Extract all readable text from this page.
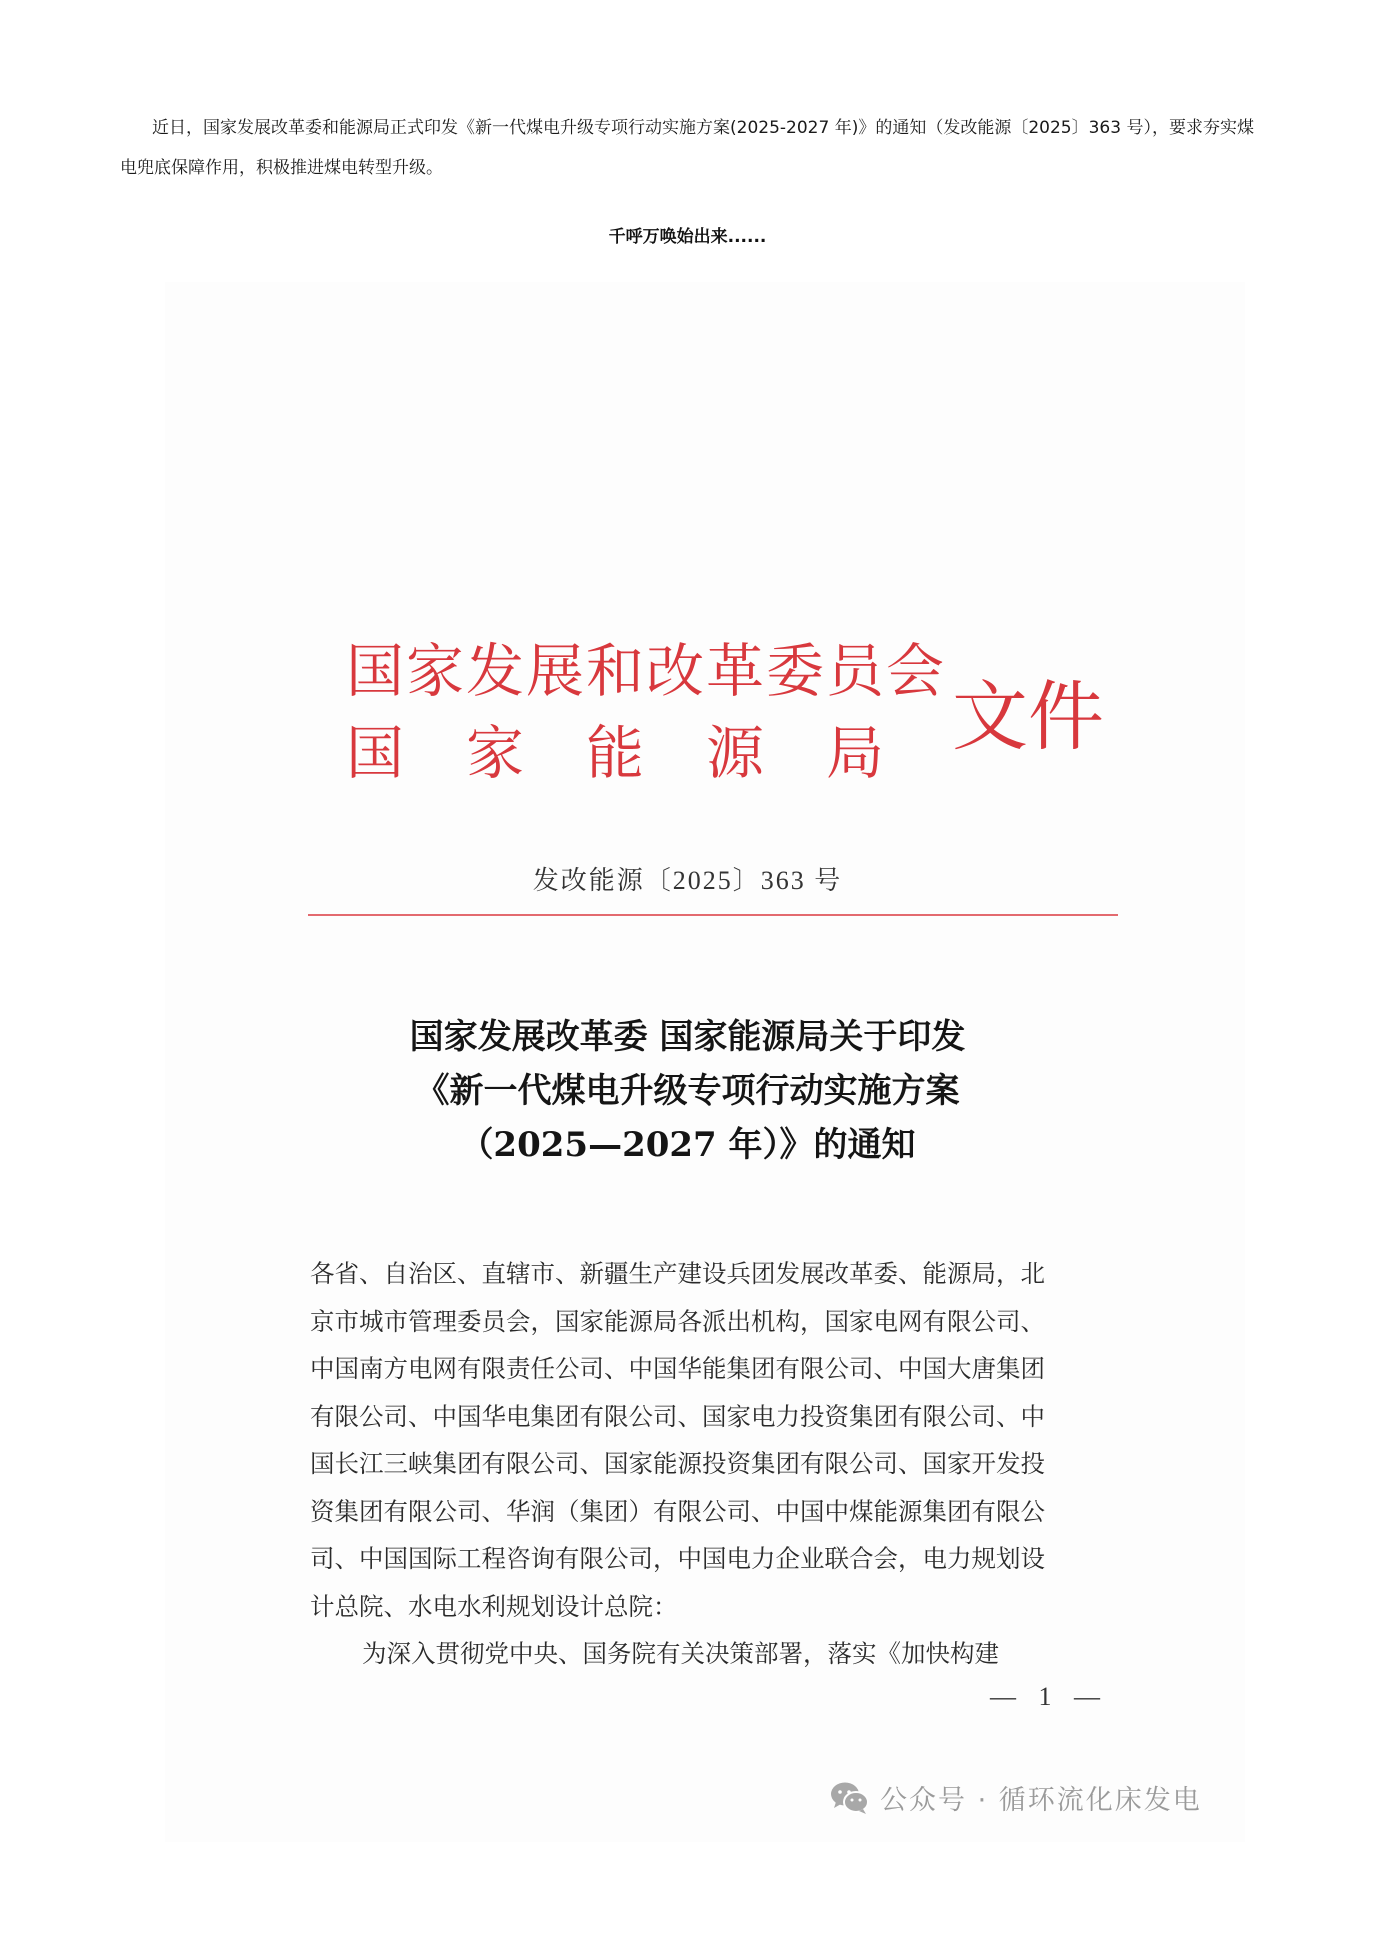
近日，国家发展改革委和能源局正式印发《新一代煤电升级专项行动实施方案(2025-2027 年)》的通知（发改能源〔2025〕363 号），要求夯实煤电兜底保障作用，积极推进煤电转型升级。

千呼万唤始出来......
国家发展和改革委员会
国家能源局 文件
发改能源〔2025〕363 号
国家发展改革委 国家能源局关于印发
《新一代煤电升级专项行动实施方案
（2025—2027 年）》的通知
各省、自治区、直辖市、新疆生产建设兵团发展改革委、能源局，北
京市城市管理委员会，国家能源局各派出机构，国家电网有限公司、
中国南方电网有限责任公司、中国华能集团有限公司、中国大唐集团
有限公司、中国华电集团有限公司、国家电力投资集团有限公司、中
国长江三峡集团有限公司、国家能源投资集团有限公司、国家开发投
资集团有限公司、华润（集团）有限公司、中国中煤能源集团有限公
司、中国国际工程咨询有限公司，中国电力企业联合会，电力规划设
计总院、水电水利规划设计总院：
为深入贯彻党中央、国务院有关决策部署，落实《加快构建
— 1 —
公众号 · 循环流化床发电
